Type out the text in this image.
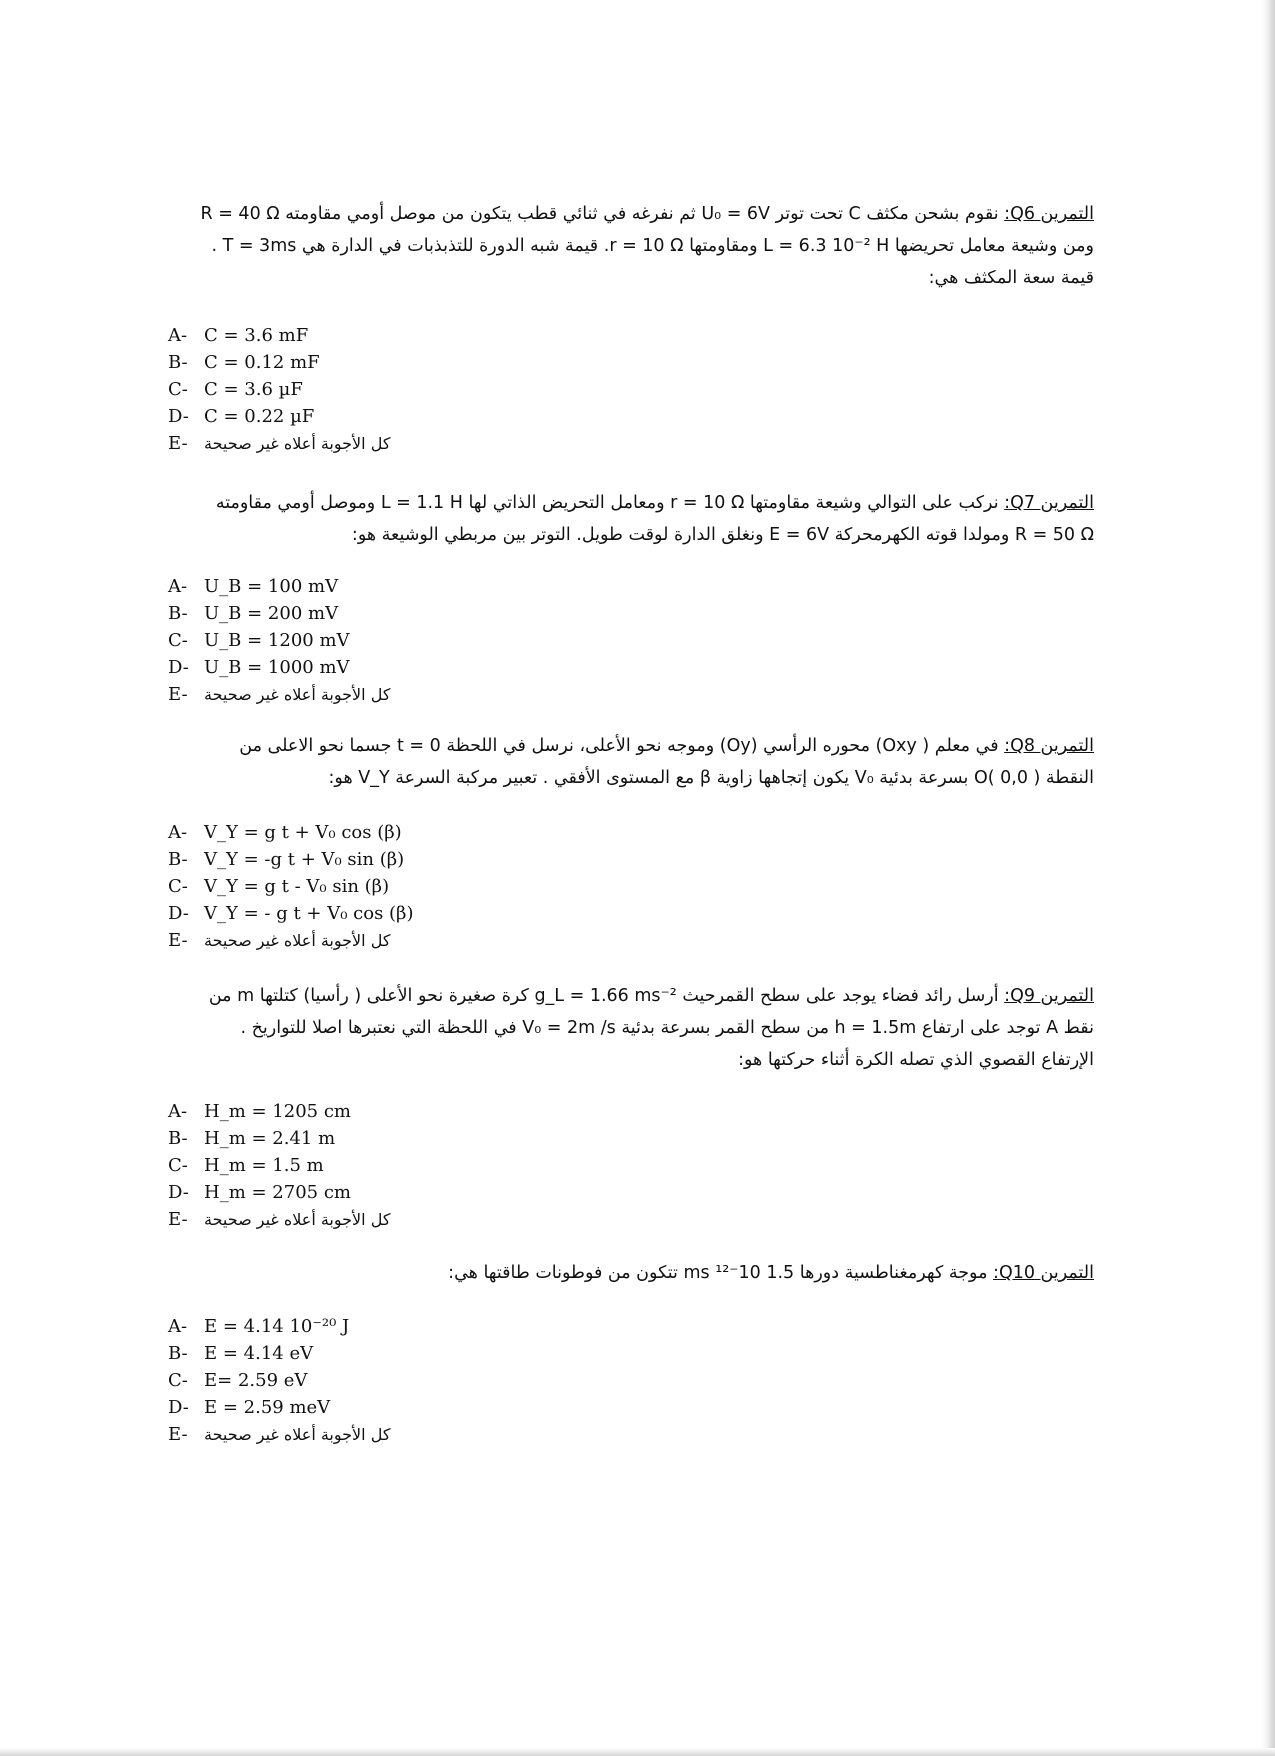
التمرين Q6: نقوم بشحن مكثف C تحت توتر U₀ = 6V ثم نفرغه في ثنائي قطب يتكون من موصل أومي مقاومته R = 40 Ω
ومن وشيعة معامل تحريضها L = 6.3 10⁻² H ومقاومتها r = 10 Ω. قيمة شبه الدورة للتذبذبات في الدارة هي T = 3ms .
قيمة سعة المكثف هي:
A- C = 3.6 mF
B- C = 0.12 mF
C- C = 3.6 µF
D- C = 0.22 µF
E-	كل الأجوبة أعلاه غير صحيحة
التمرين Q7: نركب على التوالي وشيعة مقاومتها r = 10 Ω ومعامل التحريض الذاتي لها L = 1.1 H وموصل أومي مقاومته
R = 50 Ω ومولدا قوته الكهرمحركة E = 6V ونغلق الدارة لوقت طويل. التوتر بين مربطي الوشيعة هو:
A- U_B = 100 mV
B- U_B = 200 mV
C- U_B = 1200 mV
D- U_B = 1000 mV
E-	كل الأجوبة أعلاه غير صحيحة
التمرين Q8: في معلم ( Oxy) محوره الرأسي (Oy) وموجه نحو الأعلى، نرسل في اللحظة t = 0 جسما نحو الاعلى من
النقطة O( 0,0 ) بسرعة بدئية V₀ يكون إتجاهها زاوية β مع المستوى الأفقي . تعبير مركبة السرعة V_Y هو:
A- V_Y = g t + V₀ cos (β)
B- V_Y = -g t + V₀ sin (β)
C- V_Y = g t - V₀ sin (β)
D- V_Y = - g t + V₀ cos (β)
E-	كل الأجوبة أعلاه غير صحيحة
التمرين Q9: أرسل رائد فضاء يوجد على سطح القمرحيث g_L = 1.66 ms⁻² كرة صغيرة نحو الأعلى ( رأسيا) كتلتها m من
نقط A توجد على ارتفاع h = 1.5m من سطح القمر بسرعة بدئية V₀ = 2m /s في اللحظة التي نعتبرها اصلا للتواريخ .
الإرتفاع القصوي الذي تصله الكرة أثناء حركتها هو:
A- H_m = 1205 cm
B- H_m = 2.41 m
C- H_m = 1.5 m
D- H_m = 2705 cm
E-	كل الأجوبة أعلاه غير صحيحة
التمرين Q10: موجة كهرمغناطسية دورها 1.5 10⁻¹² ms تتكون من فوطونات طاقتها هي:
A- E = 4.14 10⁻²⁰ J
B- E = 4.14 eV
C- E= 2.59 eV
D- E = 2.59 meV
E-	كل الأجوبة أعلاه غير صحيحة
